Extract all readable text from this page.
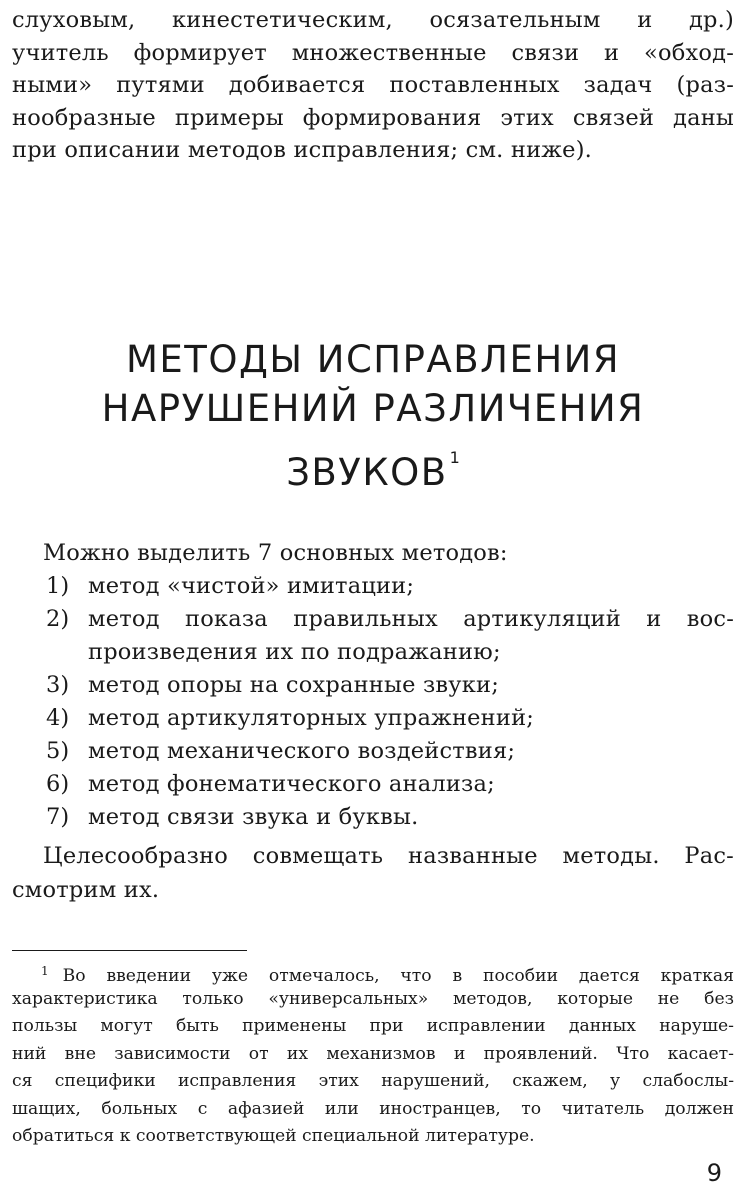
слуховым, кинестетическим, осязательным и др.)
учитель формирует множественные связи и «обход-
ными» путями добивается поставленных задач (раз-
нообразные примеры формирования этих связей даны
при описании методов исправления; см. ниже).
МЕТОДЫ ИСПРАВЛЕНИЯ
НАРУШЕНИЙ РАЗЛИЧЕНИЯ
ЗВУКОВ $^1$
Можно выделить 7 основных методов:
1) метод «чистой» имитации;
2) метод показа правильных артикуляций и вос-
произведения их по подражанию;
3) метод опоры на сохранные звуки;
4) метод артикуляторных упражнений;
5) метод механического воздействия;
6) метод фонематического анализа;
7) метод связи звука и буквы.
Целесообразно совмещать названные методы. Рас-
смотрим их.
1 Во введении уже отмечалось, что в пособии дается краткая
характеристика только «универсальных» методов, которые не без
пользы могут быть применены при исправлении данных наруше-
ний вне зависимости от их механизмов и проявлений. Что касает-
ся специфики исправления этих нарушений, скажем, у слабослы-
шащих, больных с афазией или иностранцев, то читатель должен
обратиться к соответствующей специальной литературе.
9
